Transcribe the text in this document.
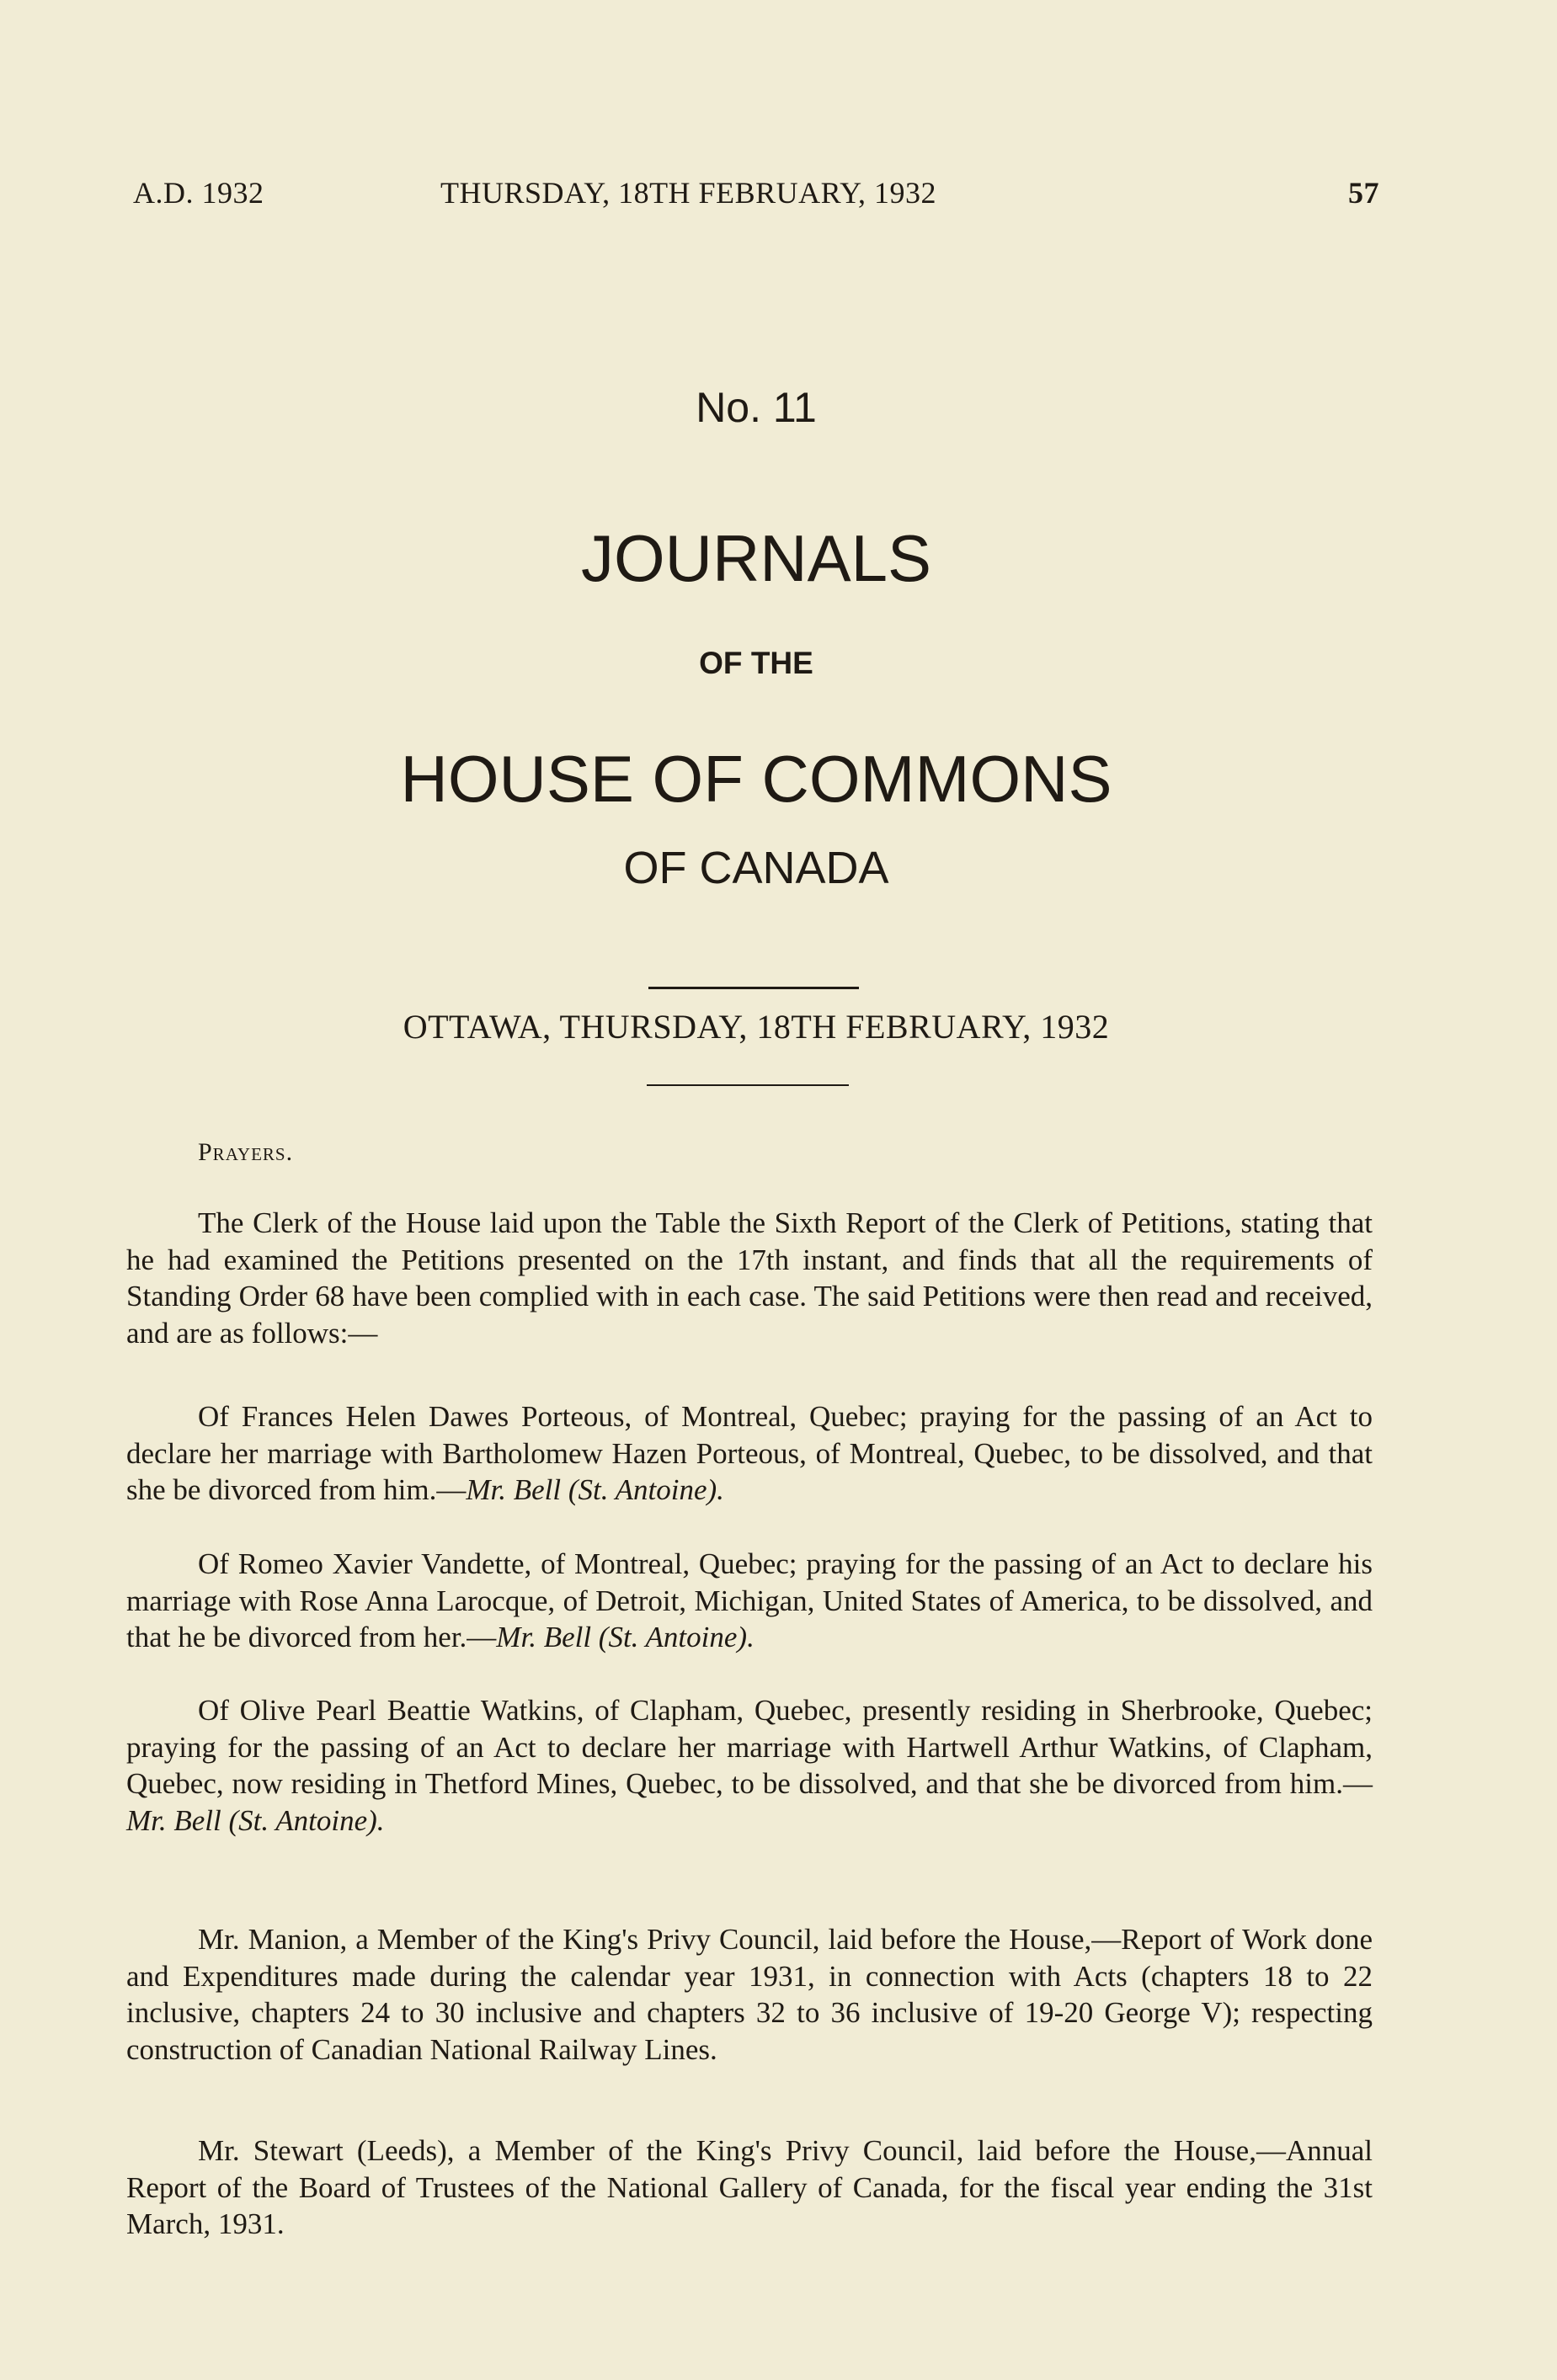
A.D. 1932	THURSDAY, 18TH FEBRUARY, 1932	57
No. 11
JOURNALS
OF THE
HOUSE OF COMMONS
OF CANADA
OTTAWA, THURSDAY, 18TH FEBRUARY, 1932
Prayers.
The Clerk of the House laid upon the Table the Sixth Report of the Clerk of Petitions, stating that he had examined the Petitions presented on the 17th instant, and finds that all the requirements of Standing Order 68 have been complied with in each case. The said Petitions were then read and received, and are as follows:—
Of Frances Helen Dawes Porteous, of Montreal, Quebec; praying for the passing of an Act to declare her marriage with Bartholomew Hazen Porteous, of Montreal, Quebec, to be dissolved, and that she be divorced from him.—Mr. Bell (St. Antoine).
Of Romeo Xavier Vandette, of Montreal, Quebec; praying for the passing of an Act to declare his marriage with Rose Anna Larocque, of Detroit, Michigan, United States of America, to be dissolved, and that he be divorced from her.—Mr. Bell (St. Antoine).
Of Olive Pearl Beattie Watkins, of Clapham, Quebec, presently residing in Sherbrooke, Quebec; praying for the passing of an Act to declare her marriage with Hartwell Arthur Watkins, of Clapham, Quebec, now residing in Thetford Mines, Quebec, to be dissolved, and that she be divorced from him.—Mr. Bell (St. Antoine).
Mr. Manion, a Member of the King's Privy Council, laid before the House,—Report of Work done and Expenditures made during the calendar year 1931, in connection with Acts (chapters 18 to 22 inclusive, chapters 24 to 30 inclusive and chapters 32 to 36 inclusive of 19-20 George V); respecting construction of Canadian National Railway Lines.
Mr. Stewart (Leeds), a Member of the King's Privy Council, laid before the House,—Annual Report of the Board of Trustees of the National Gallery of Canada, for the fiscal year ending the 31st March, 1931.
